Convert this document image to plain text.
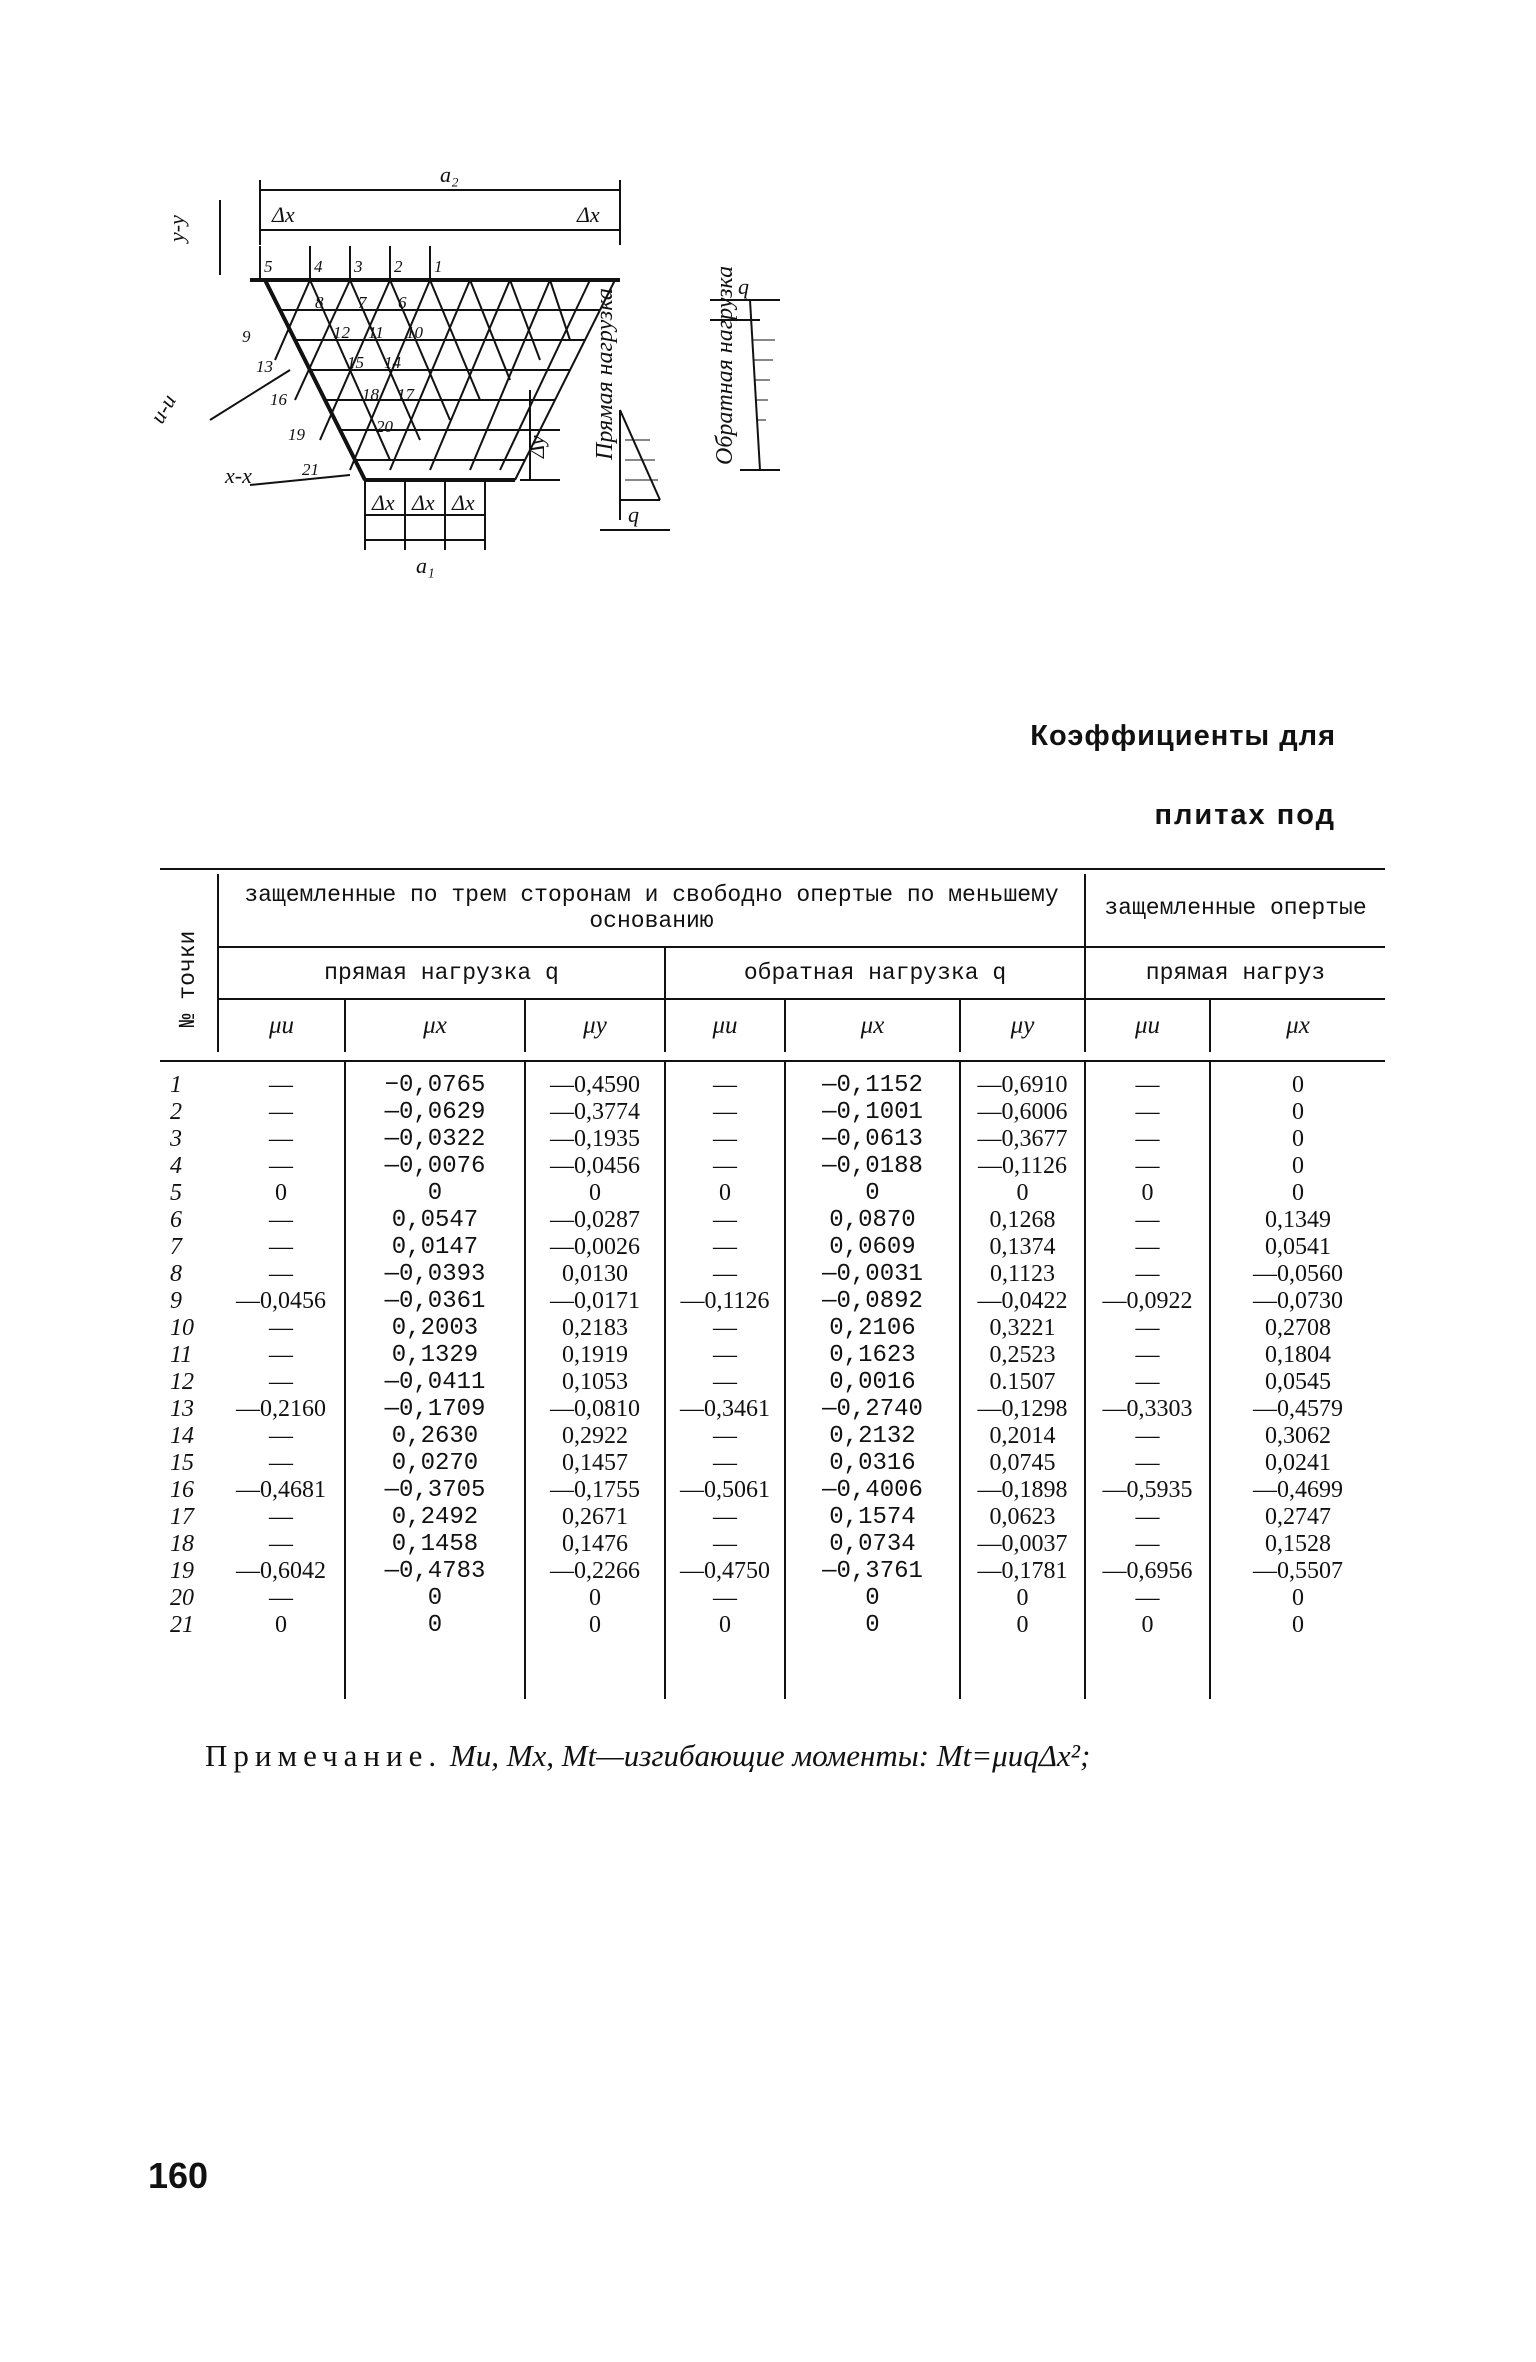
a₂
a₁
Δx	Δx
Δx Δx Δx
y-y
u-u
x-x
Δy
q
q
Прямая нагрузка	Обратная нагрузка
5 4 3 2 1
8 7 6
9	12 11 10
13	15 14
16	18 17
19	20
21
Коэффициенты для
плитах под

№ точки	защемленные по трем сторонам и свободно опертые по меньшему основанию						защемленные опертые	
	прямая нагрузка q			обратная нагрузка q			прямая нагруз	
	μu	μx	μy	μu	μx	μy	μu	μx

1	—	−0,0765	—0,4590	—	—0,1152	—0,6910	—	0
2	—	—0,0629	—0,3774	—	—0,1001	—0,6006	—	0
3	—	—0,0322	—0,1935	—	—0,0613	—0,3677	—	0
4	—	—0,0076	—0,0456	—	—0,0188	—0,1126	—	0
5	0	0	0	0	0	0	0	0
6	—	0,0547	—0,0287	—	0,0870	0,1268	—	0,1349
7	—	0,0147	—0,0026	—	0,0609	0,1374	—	0,0541
8	—	—0,0393	0,0130	—	—0,0031	0,1123	—	—0,0560
9	—0,0456	—0,0361	—0,0171	—0,1126	—0,0892	—0,0422	—0,0922	—0,0730
10	—	0,2003	0,2183	—	0,2106	0,3221	—	0,2708
11	—	0,1329	0,1919	—	0,1623	0,2523	—	0,1804
12	—	—0,0411	0,1053	—	0,0016	0.1507	—	0,0545
13	—0,2160	—0,1709	—0,0810	—0,3461	—0,2740	—0,1298	—0,3303	—0,4579
14	—	0,2630	0,2922	—	0,2132	0,2014	—	0,3062
15	—	0,0270	0,1457	—	0,0316	0,0745	—	0,0241
16	—0,4681	—0,3705	—0,1755	—0,5061	—0,4006	—0,1898	—0,5935	—0,4699
17	—	0,2492	0,2671	—	0,1574	0,0623	—	0,2747
18	—	0,1458	0,1476	—	0,0734	—0,0037	—	0,1528
19	—0,6042	—0,4783	—0,2266	—0,4750	—0,3761	—0,1781	—0,6956	—0,5507
20	—	0	0	—	0	0	—	0
21	0	0	0	0	0	0	0	0

Примечание. Mu, Mx, Mt—изгибающие моменты: Mt=μuqΔx²;
160
